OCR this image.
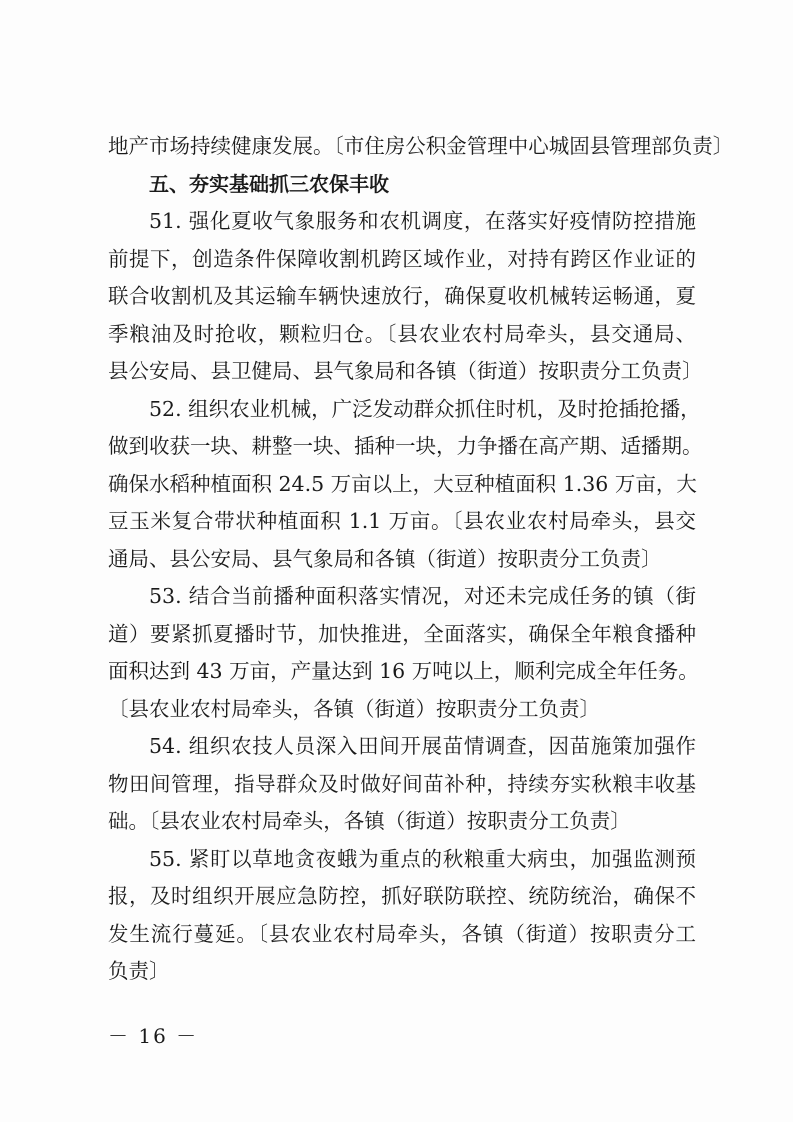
地产市场持续健康发展。〔市住房公积金管理中心城固县管理部负责〕
五、夯实基础抓三农保丰收
51. 强化夏收气象服务和农机调度，在落实好疫情防控措施
前提下，创造条件保障收割机跨区域作业，对持有跨区作业证的
联合收割机及其运输车辆快速放行，确保夏收机械转运畅通，夏
季粮油及时抢收，颗粒归仓。〔县农业农村局牵头，县交通局、
县公安局、县卫健局、县气象局和各镇（街道）按职责分工负责〕
52. 组织农业机械，广泛发动群众抓住时机，及时抢插抢播，
做到收获一块、耕整一块、插种一块，力争播在高产期、适播期。
确保水稻种植面积 24.5 万亩以上，大豆种植面积 1.36 万亩，大
豆玉米复合带状种植面积 1.1 万亩。〔县农业农村局牵头，县交
通局、县公安局、县气象局和各镇（街道）按职责分工负责〕
53. 结合当前播种面积落实情况，对还未完成任务的镇（街
道）要紧抓夏播时节，加快推进，全面落实，确保全年粮食播种
面积达到 43 万亩，产量达到 16 万吨以上，顺利完成全年任务。
〔县农业农村局牵头，各镇（街道）按职责分工负责〕
54. 组织农技人员深入田间开展苗情调查，因苗施策加强作
物田间管理，指导群众及时做好间苗补种，持续夯实秋粮丰收基
础。〔县农业农村局牵头，各镇（街道）按职责分工负责〕
55. 紧盯以草地贪夜蛾为重点的秋粮重大病虫，加强监测预
报，及时组织开展应急防控，抓好联防联控、统防统治，确保不
发生流行蔓延。〔县农业农村局牵头，各镇（街道）按职责分工
负责〕
－ 16 －
